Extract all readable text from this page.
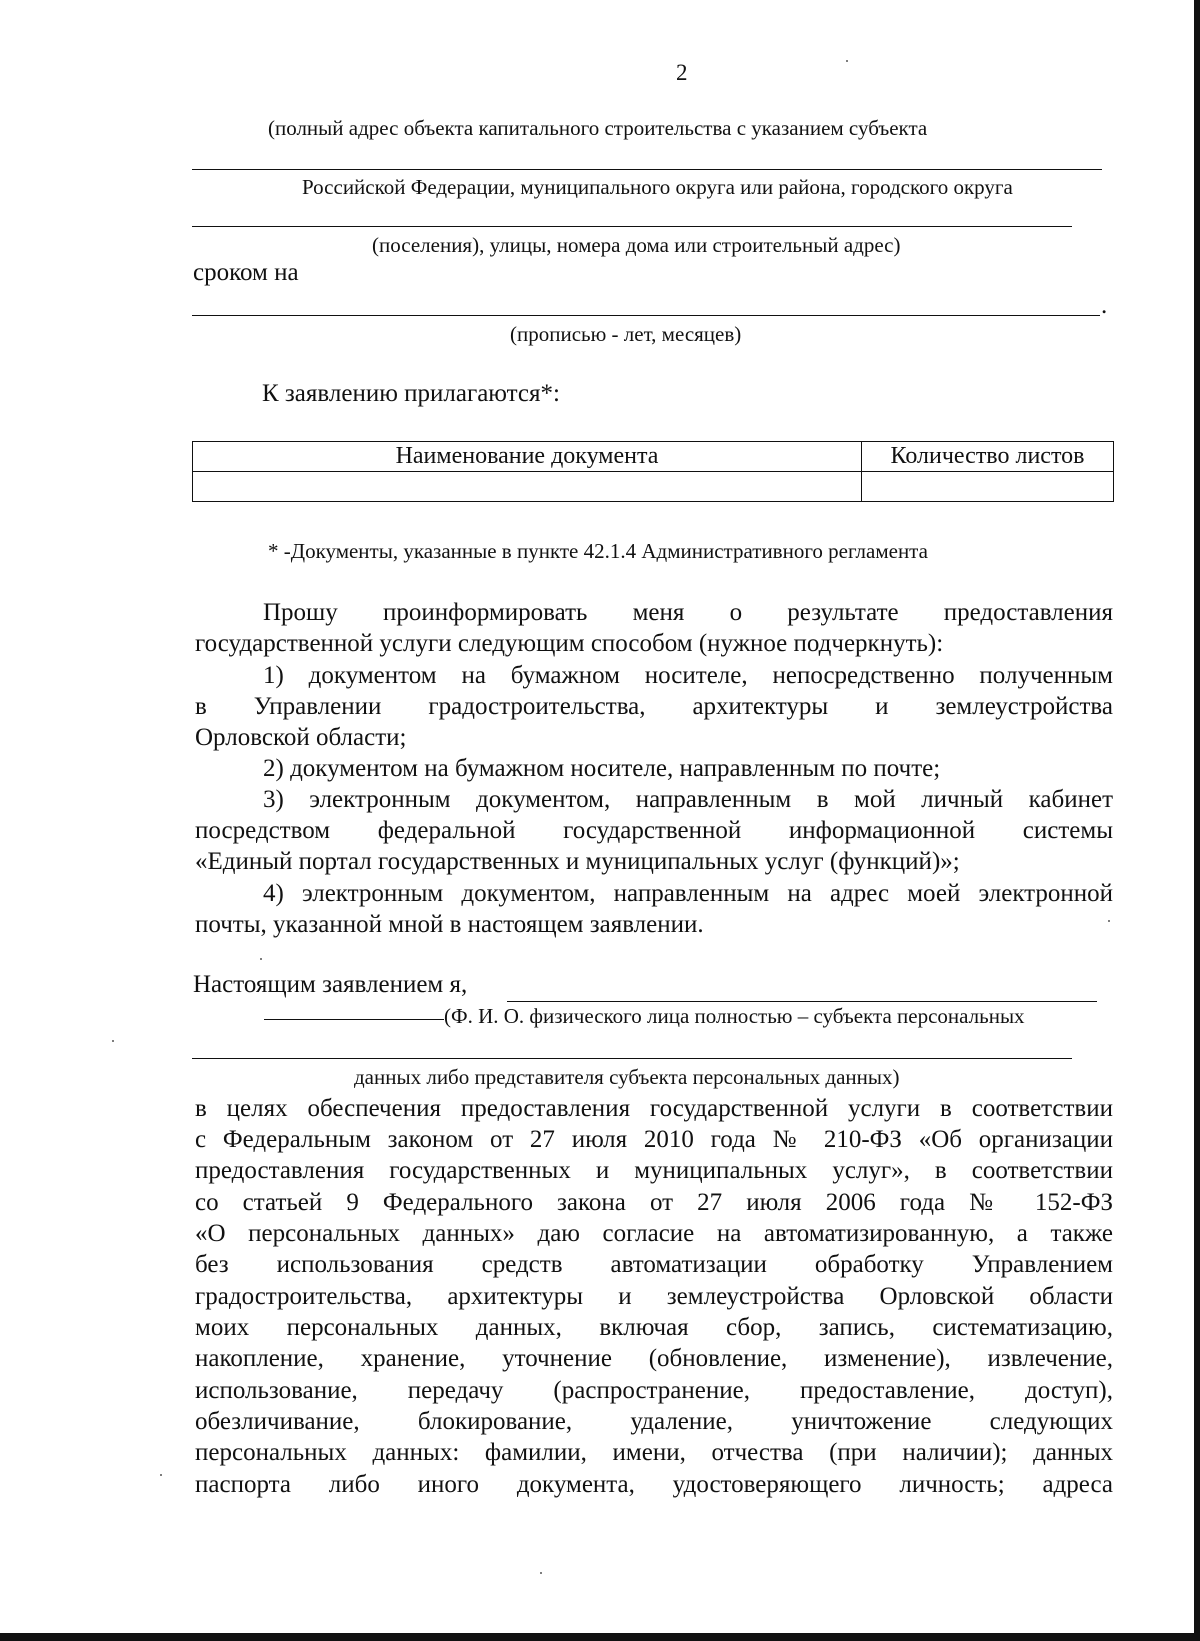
2
(полный адрес объекта капитального строительства с указанием субъекта
Российской Федерации, муниципального округа или района, городского округа
(поселения), улицы, номера дома или строительный адрес)
сроком на
.
(прописью - лет, месяцев)
К заявлению прилагаются*:
Наименование документа	Количество листов

* -Документы, указанные в пункте 42.1.4 Административного регламента
Прошу проинформировать меня о результате предоставления
государственной услуги следующим способом (нужное подчеркнуть):
1) документом на бумажном носителе, непосредственно полученным
в Управлении градостроительства, архитектуры и землеустройства
Орловской области;
2) документом на бумажном носителе, направленным по почте;
3) электронным документом, направленным в мой личный кабинет
посредством федеральной государственной информационной системы
«Единый портал государственных и муниципальных услуг (функций)»;
4) электронным документом, направленным на адрес моей электронной
почты, указанной мной в настоящем заявлении.
Настоящим заявлением я,
(Ф. И. О. физического лица полностью – субъекта персональных
данных либо представителя субъекта персональных данных)
в целях обеспечения предоставления государственной услуги в соответствии
с Федеральным законом от 27 июля 2010 года № 210-ФЗ «Об организации
предоставления государственных и муниципальных услуг», в соответствии
со статьей 9 Федерального закона от 27 июля 2006 года № 152-ФЗ
«О персональных данных» даю согласие на автоматизированную, а также
без использования средств автоматизации обработку Управлением
градостроительства, архитектуры и землеустройства Орловской области
моих персональных данных, включая сбор, запись, систематизацию,
накопление, хранение, уточнение (обновление, изменение), извлечение,
использование, передачу (распространение, предоставление, доступ),
обезличивание, блокирование, удаление, уничтожение следующих
персональных данных: фамилии, имени, отчества (при наличии); данных
паспорта либо иного документа, удостоверяющего личность; адреса
